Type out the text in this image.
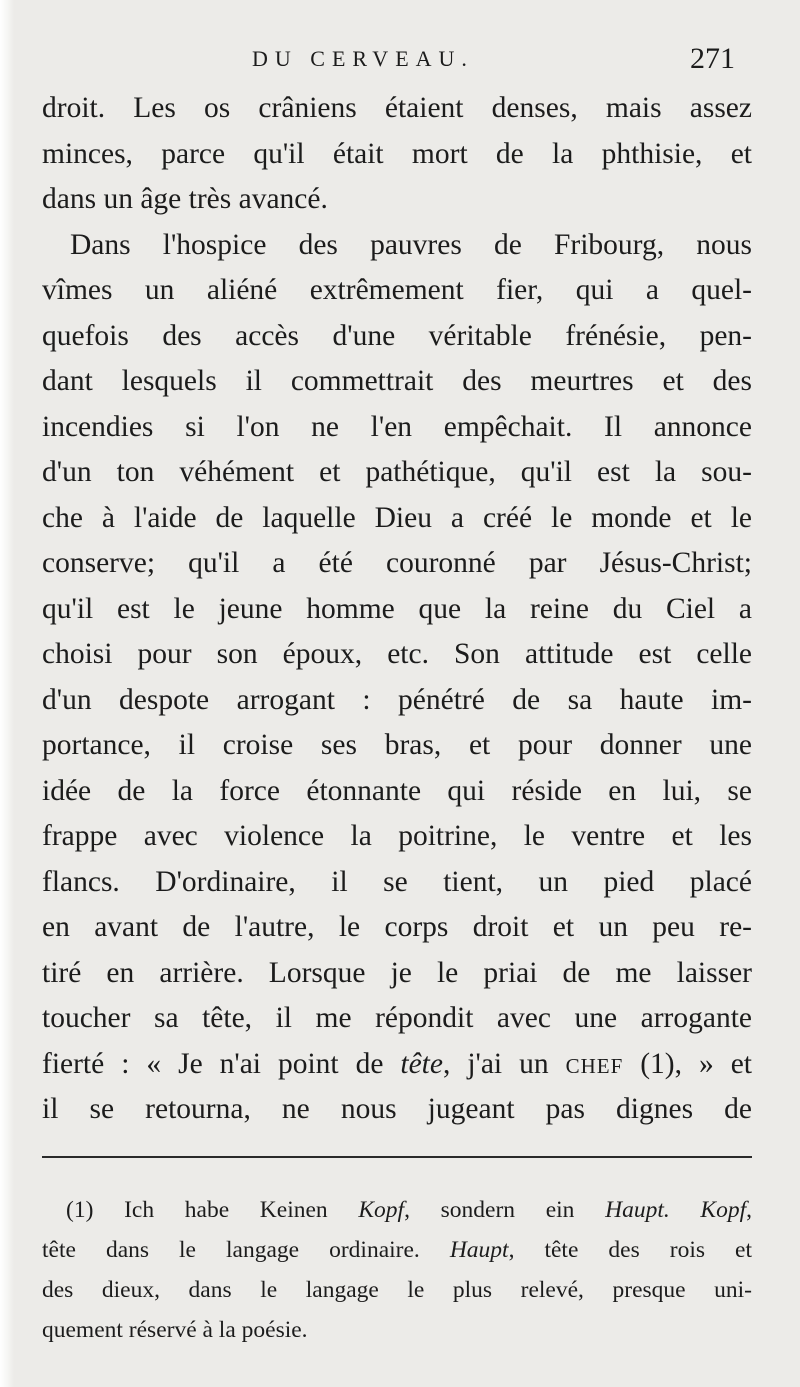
DU CERVEAU.	271
droit. Les os crâniens étaient denses, mais assez
minces, parce qu'il était mort de la phthisie, et
dans un âge très avancé.
Dans l'hospice des pauvres de Fribourg, nous
vîmes un aliéné extrêmement fier, qui a quel-
quefois des accès d'une véritable frénésie, pen-
dant lesquels il commettrait des meurtres et des
incendies si l'on ne l'en empêchait. Il annonce
d'un ton véhément et pathétique, qu'il est la sou-
che à l'aide de laquelle Dieu a créé le monde et le
conserve; qu'il a été couronné par Jésus-Christ;
qu'il est le jeune homme que la reine du Ciel a
choisi pour son époux, etc. Son attitude est celle
d'un despote arrogant : pénétré de sa haute im-
portance, il croise ses bras, et pour donner une
idée de la force étonnante qui réside en lui, se
frappe avec violence la poitrine, le ventre et les
flancs. D'ordinaire, il se tient, un pied placé
en avant de l'autre, le corps droit et un peu re-
tiré en arrière. Lorsque je le priai de me laisser
toucher sa tête, il me répondit avec une arrogante
fierté : « Je n'ai point de tête, j'ai un chef (1), » et
il se retourna, ne nous jugeant pas dignes de
(1) Ich habe Keinen Kopf, sondern ein Haupt. Kopf,
tête dans le langage ordinaire. Haupt, tête des rois et
des dieux, dans le langage le plus relevé, presque uni-
quement réservé à la poésie.
